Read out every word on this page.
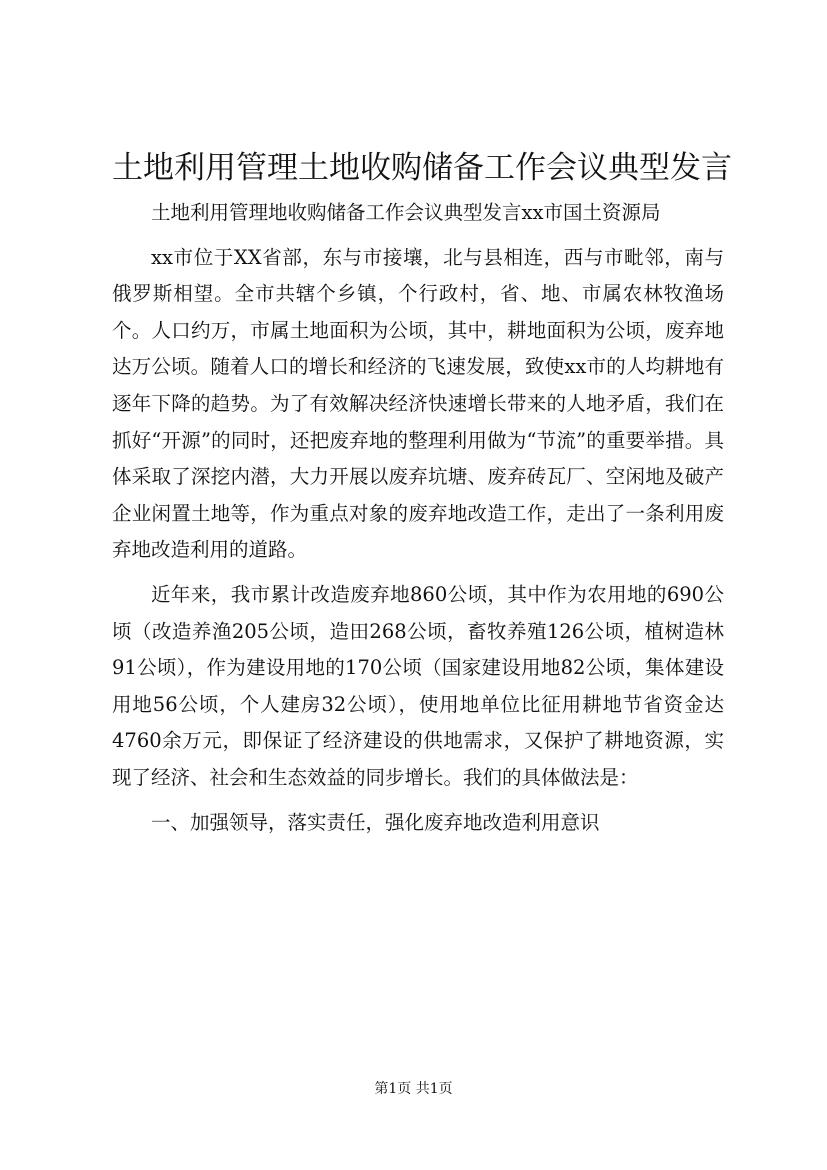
土地利用管理土地收购储备工作会议典型发言

土地利用管理地收购储备工作会议典型发言xx市国土资源局

xx市位于XX省部，东与市接壤，北与县相连，西与市毗邻，南与俄罗斯相望。全市共辖个乡镇，个行政村，省、地、市属农林牧渔场个。人口约万，市属土地面积为公顷，其中，耕地面积为公顷，废弃地达万公顷。随着人口的增长和经济的飞速发展，致使xx市的人均耕地有逐年下降的趋势。为了有效解决经济快速增长带来的人地矛盾，我们在抓好“开源”的同时，还把废弃地的整理利用做为“节流”的重要举措。具体采取了深挖内潜，大力开展以废弃坑塘、废弃砖瓦厂、空闲地及破产企业闲置土地等，作为重点对象的废弃地改造工作，走出了一条利用废弃地改造利用的道路。

近年来，我市累计改造废弃地860公顷，其中作为农用地的690公顷（改造养渔205公顷，造田268公顷，畜牧养殖126公顷，植树造林91公顷），作为建设用地的170公顷（国家建设用地82公顷，集体建设用地56公顷，个人建房32公顷），使用地单位比征用耕地节省资金达4760余万元，即保证了经济建设的供地需求，又保护了耕地资源，实现了经济、社会和生态效益的同步增长。我们的具体做法是：

一、加强领导，落实责任，强化废弃地改造利用意识

第1页 共1页
